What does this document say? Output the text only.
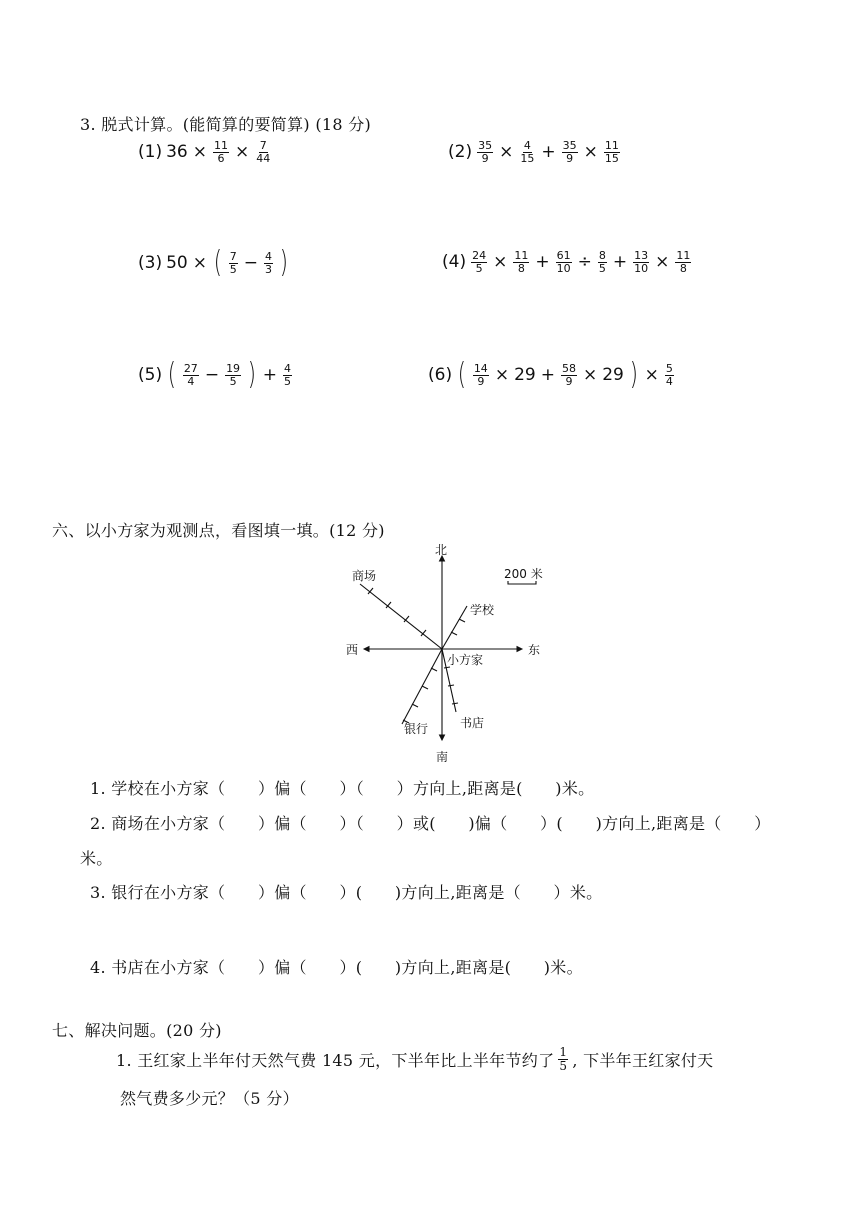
3. 脱式计算。(能简算的要简算) (18 分)
(1) $36 \times \frac{11}{6} \times \frac{7}{44}$	$(2) \frac{35}{9} \times \frac{4}{15} + \frac{35}{9} \times \frac{11}{15}$
(3) 50 × ( $\frac{7}{5} - \frac{4}{3}$ )	$(4) \frac{24}{5} \times \frac{11}{8} + \frac{61}{10} \div \frac{8}{5} + \frac{13}{10} \times \frac{11}{8}$
(5) ( $\frac{27}{4} - \frac{19}{5}$ ) + $\frac{4}{5}$	(6) ( $\frac{14}{9} \times 29 + \frac{58}{9} \times 29$ ) × $\frac{5}{4}$
六、以小方家为观测点，看图填一填。(12 分)
北
南
东
西
小方家
商场
学校
银行	书店
200 米
1. 学校在小方家（　　）偏（　　）（　　）方向上,距离是(　　)米。
2. 商场在小方家（　　）偏（　　）（　　）或(　　)偏（　　）(　　)方向上,距离是（　　）
米。
3. 银行在小方家（　　）偏（　　）(　　)方向上,距离是（　　）米。
4. 书店在小方家（　　）偏（　　）(　　)方向上,距离是(　　)米。
七、解决问题。(20 分)
1. 王红家上半年付天然气费 145 元，下半年比上半年节约了 $\frac{1}{5}$ , 下半年王红家付天
然气费多少元？（5 分）
